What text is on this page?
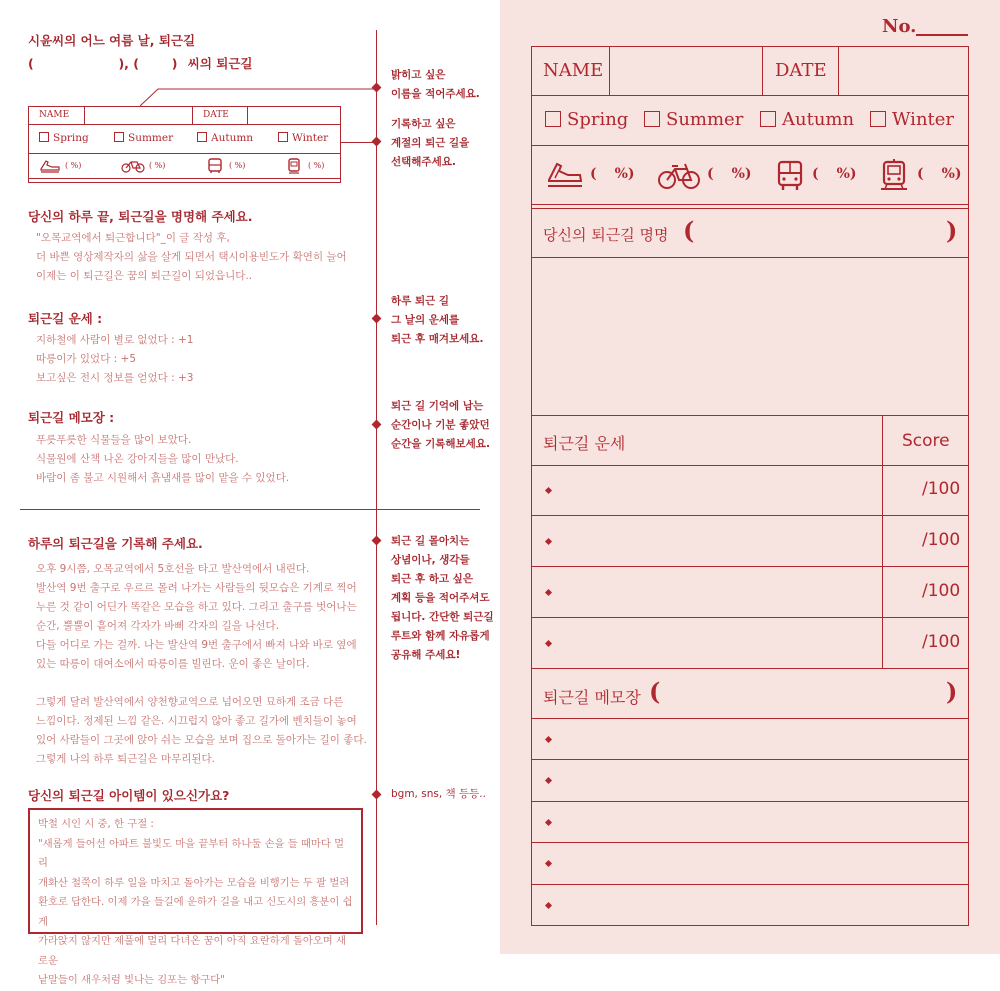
시윤씨의 어느 여름 날, 퇴근길
(	), (	) 씨의 퇴근길
NAME	DATE
Spring	Summer	Autumn	Winter
( %)	( %)	( %)	( %)
당신의 하루 끝, 퇴근길을 명명해 주세요.
"오목교역에서 퇴근합니다"_이 글 작성 후,
더 바쁜 영상제작자의 삶을 살게 되면서 택시이용빈도가 확연히 늘어
이제는 이 퇴근길은 꿈의 퇴근길이 되었읍니다..
퇴근길 운세 :
지하철에 사람이 별로 없었다 : +1
따릉이가 있었다 : +5
보고싶은 전시 정보를 얻었다 : +3
퇴근길 메모장 :
푸릇푸릇한 식물들을 많이 보았다.
식물원에 산책 나온 강아지들을 많이 만났다.
바람이 좀 불고 시원해서 흙냄새를 많이 맡을 수 있었다.
하루의 퇴근길을 기록해 주세요.
오후 9시쯤, 오목교역에서 5호선을 타고 발산역에서 내린다.
발산역 9번 출구로 우르르 몰려 나가는 사람들의 뒷모습은 기계로 찍어
누른 것 같이 어딘가 똑같은 모습을 하고 있다. 그리고 출구를 벗어나는
순간, 뿔뿔이 흩어져 각자가 바삐 각자의 길을 나선다.
다들 어디로 가는 걸까. 나는 발산역 9번 출구에서 빠져 나와 바로 옆에
있는 따릉이 대여소에서 따릉이를 빌린다. 운이 좋은 날이다.
그렇게 달려 발산역에서 양천향교역으로 넘어오면 묘하게 조금 다른
느낌이다. 정제된 느낌 같은. 시끄럽지 않아 좋고 길가에 벤치들이 놓여
있어 사람들이 그곳에 앉아 쉬는 모습을 보며 집으로 돌아가는 길이 좋다.
그렇게 나의 하루 퇴근길은 마무리된다.
당신의 퇴근길 아이템이 있으신가요?
박철 시인 시 중, 한 구절 :
"새롭게 들어선 아파트 불빛도 마을 끝부터 하나둘 손을 들 때마다 멀리
개화산 철쭉이 하루 일을 마치고 돌아가는 모습을 비행기는 두 팔 벌려
환호로 답한다. 이제 가을 들길에 운하가 길을 내고 신도시의 흥분이 쉽게
가라앉지 않지만 제풀에 멀리 다녀온 꿈이 아직 요란하게 돌아오며 새로운
낱말들이 새우처럼 빛나는 김포는 항구다"
밝히고 싶은
이름을 적어주세요.
기록하고 싶은
계절의 퇴근 길을
선택해주세요.
하루 퇴근 길
그 날의 운세를
퇴근 후 매겨보세요.
퇴근 길 기억에 남는
순간이나 기분 좋았던
순간을 기록해보세요.
퇴근 길 몰아치는
상념이나, 생각들
퇴근 후 하고 싶은
계획 등을 적어주셔도
됩니다. 간단한 퇴근길
루트와 함께 자유롭게
공유해 주세요!
bgm, sns, 책 등등..
No.
NAME	DATE
Spring	Summer	Autumn	Winter
( %)	( %)	( %)	( %)
당신의 퇴근길 명명 (	)
퇴근길 운세	Score
/100
/100
/100
/100
퇴근길 메모장 (	)
